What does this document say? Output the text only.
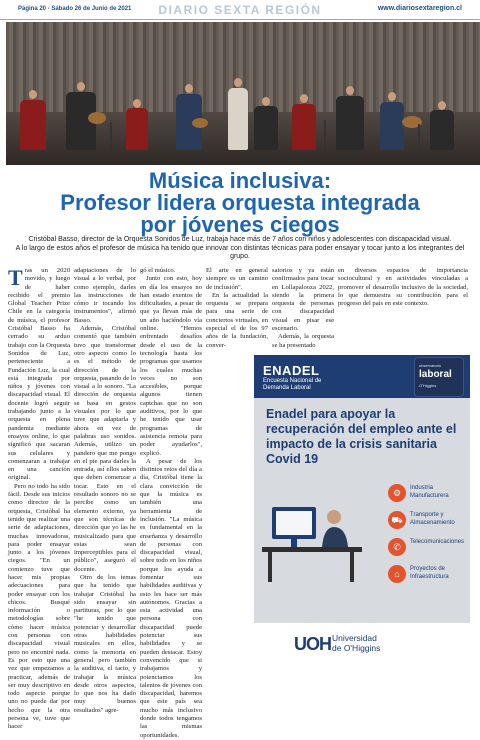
Página 20 - Sábado 26 de Junio de 2021	DIARIO SEXTA REGIÓN	www.diariosextaregion.cl
Música inclusiva:
Profesor lidera orquesta integrada
por jóvenes ciegos
Cristóbal Basso, director de la Orquesta Sonidos de Luz, trabaja hace más de 7 años con niños y adolescentes con discapacidad visual.
A lo largo de estos años el profesor de música ha tenido que innovar con distintas técnicas para poder ensayar y tocar junto a los integrantes del grupo.

Tras un 2020 movido, y luego de haber recibido el premio Global Teacher Prize Chile en la categoría de música, el profesor Cristóbal Basso ha cerrado su arduo trabajo con la Orquesta Sonidos de Luz, perteneciente a Fundación Luz, la cual está integrada por niños y jóvenes con discapacidad visual. El docente logró seguir trabajando junto a la orquesta en plena pandemia mediante ensayos online, lo que significó que sacaran sus celulares y comenzaran a trabajar en una canción original.

Pero no todo ha sido fácil. Desde sus inicios como director de la orquesta, Cristóbal ha tenido que realizar una serie de adaptaciones, muchas innovadoras, para poder ensayar junto a los jóvenes ciegos. "En un comienzo tuve que hacer mis propias adecuaciones para poder ensayar con los chicos. Busqué información o metodologías sobre cómo hacer música con personas con discapacidad visual pero no encontré nada. Es por esto que una vez que empezamos a practicar, además de ser muy descriptivo en todo aspecto porque uno no puede dar por hecho que la otra persona ve, tuve que hacer

adaptaciones de lo visual a lo verbal, por como ejemplo, darles las instrucciones de cómo ir tocando los instrumentos", afirmó Basso.

Además, Cristóbal comentó que también tuvo que transformar otro aspecto como lo es el método de dirección de la orquesta, pasando de lo visual a lo sonoro. "La dirección de orquesta se basa en gestos visuales por lo que tuve que adaptarla y ahora en vez de palabras uso sonidos. Además, utilizo un pandero que me pongo en el pie para darles la entrada, así ellos saben que deben comenzar a tocar. Esto en el resultado sonoro no se percibe como un elemento externo, ya que son técnicas de dirección que yo las he musicalizado para que estas sean imperceptibles para el público", aseguró el docente.

Otro de los temas que ha tenido que trabajar Cristóbal ha sido ensayar sin partituras, por lo que "he tenido que potenciar y desarrollar otras habilidades musicales en ellos, como la memoria en general pero también la auditiva, el tacto, y trabajar la música desde otros aspectos, lo que nos ha dado muy buenos resultados" agre-

gó el músico.

Junto con esto, hoy en día los ensayos no han estado exentos de dificultades, a pesar de que ya llevan más de un año haciéndolo vía online. "Hemos enfrentado desafíos desde el uso de la tecnología hasta los programas que usamos los cuales muchas veces no son accesibles, porque algunos tienen captchas que no son auditivos, por lo que he tenido que usar programas de asistencia remota para poder ayudarlos", explicó.

A pesar de los distintos retos del día a día, Cristóbal tiene la clara convicción de que la música es también una herramienta de inclusión. "La música es fundamental en la enseñanza y desarrollo de personas con discapacidad visual, sobre todo en los niños porque los ayuda a fomentar sus habilidades auditivas y esto les hace ser más autónomos. Gracias a esta actividad una persona con discapacidad puede potenciar sus habilidades y se pueden destacar. Estoy convencido que si trabajamos y potenciamos los talentos de jóvenes con discapacidad, haremos que este país sea mucho más inclusivo donde todos tengamos las mismas oportunidades.

El arte en general siempre es un camino de inclusión".

En la actualidad la orquesta se prepara para una serie de conciertos virtuales, en especial el de los 97 años de la fundación, conver-

satorios y ya están confirmados para tocar en Lollapalooza 2022, siendo la primera orquesta de personas con discapacidad visual en pisar ese escenario.

Además, la orquesta se ha presentado

en diversos espacios de importancia sociocultural y en actividades vinculadas a promover el desarrollo inclusivo de la sociedad, lo que demuestra su contribución para el progreso del país en este contexto.

ENADEL
Encuesta Nacional de
Demanda Laboral
observatorio
laboral
O'Higgins
Enadel para apoyar la recuperación del empleo ante el impacto de la crisis sanitaria Covid 19
⚙	Industria Manufacturera
⛟	Transporte y Almacenamiento
✆	Telecomunicaciones
⌂	Proyectos de Infraestructura
UOH Universidad
de O'Higgins
